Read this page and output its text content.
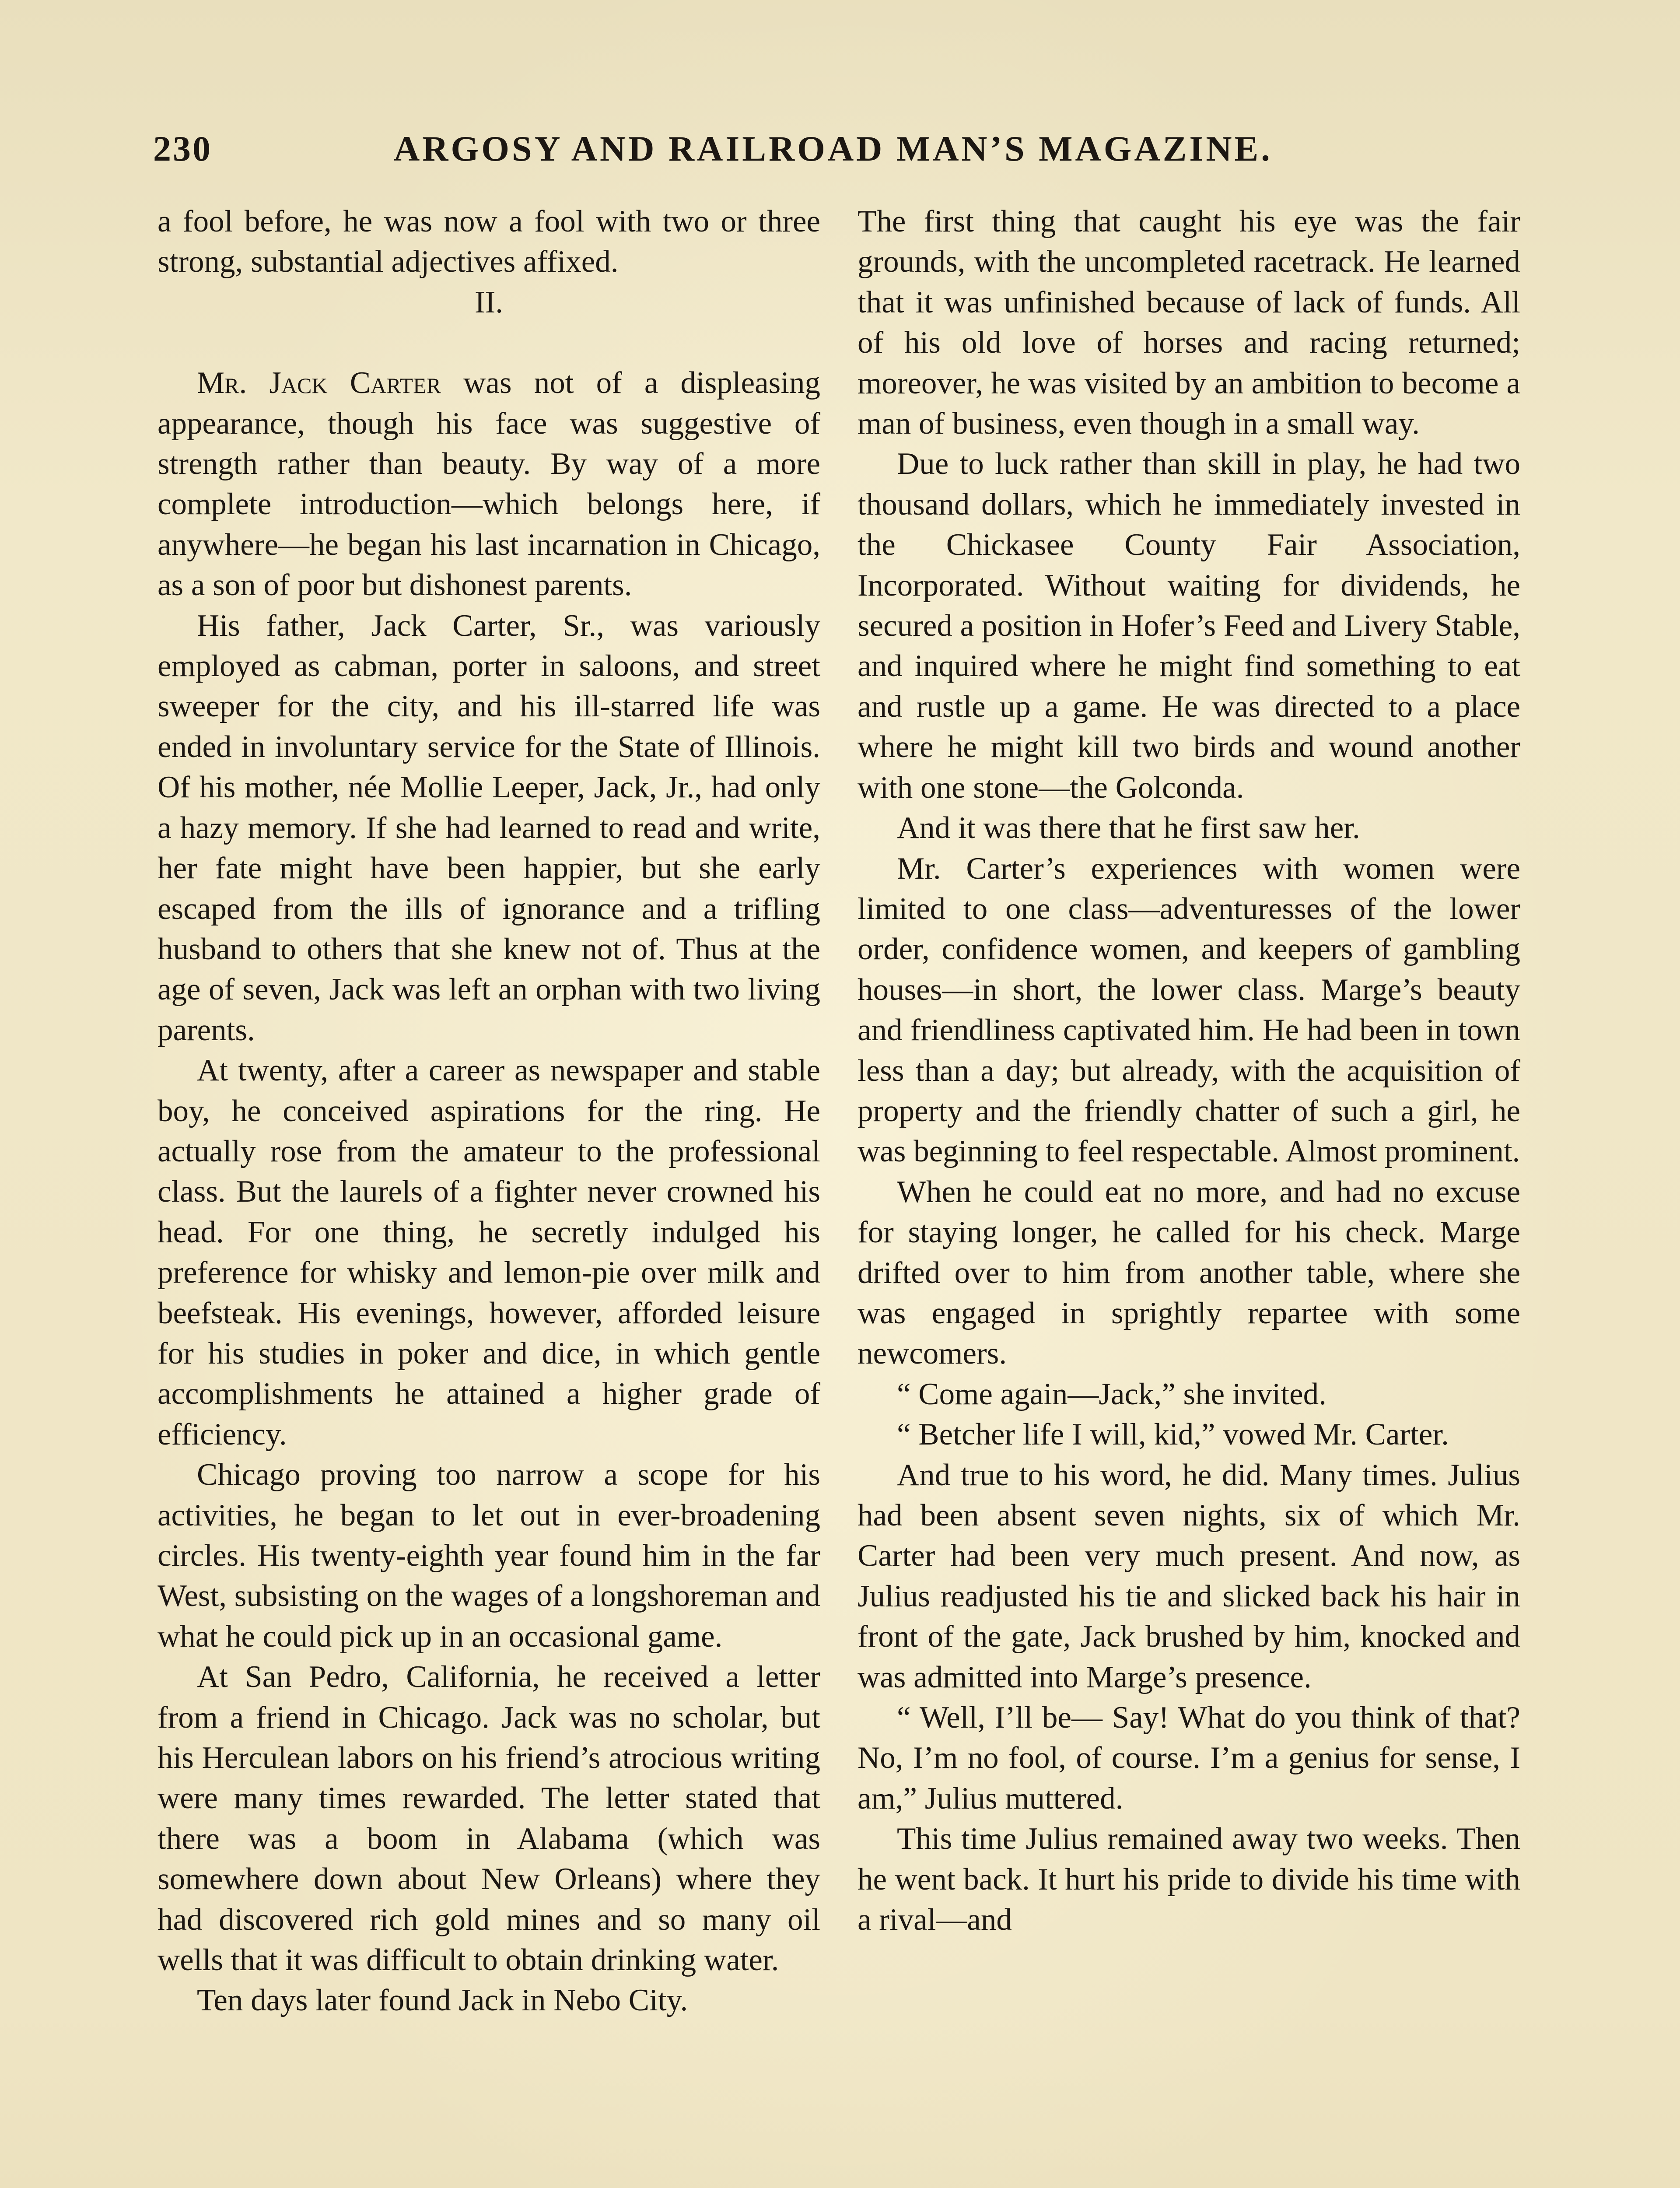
230	ARGOSY AND RAILROAD MAN’S MAGAZINE.

a fool before, he was now a fool with two or three strong, substantial adjectives affixed.

II.

Mr. Jack Carter was not of a displeasing appearance, though his face was suggestive of strength rather than beauty. By way of a more complete introduction—which belongs here, if anywhere—he began his last incarnation in Chicago, as a son of poor but dishonest parents.

His father, Jack Carter, Sr., was variously employed as cabman, porter in saloons, and street sweeper for the city, and his ill-starred life was ended in involuntary service for the State of Illinois. Of his mother, née Mollie Leeper, Jack, Jr., had only a hazy memory. If she had learned to read and write, her fate might have been happier, but she early escaped from the ills of ignorance and a trifling husband to others that she knew not of. Thus at the age of seven, Jack was left an orphan with two living parents.

At twenty, after a career as newspaper and stable boy, he conceived aspirations for the ring. He actually rose from the amateur to the professional class. But the laurels of a fighter never crowned his head. For one thing, he secretly indulged his preference for whisky and lemon-pie over milk and beefsteak. His evenings, however, afforded leisure for his studies in poker and dice, in which gentle accomplishments he attained a higher grade of efficiency.

Chicago proving too narrow a scope for his activities, he began to let out in ever-broadening circles. His twenty-eighth year found him in the far West, subsisting on the wages of a longshoreman and what he could pick up in an occasional game.

At San Pedro, California, he received a letter from a friend in Chicago. Jack was no scholar, but his Herculean labors on his friend’s atrocious writing were many times rewarded. The letter stated that there was a boom in Alabama (which was somewhere down about New Orleans) where they had discovered rich gold mines and so many oil wells that it was difficult to obtain drinking water.

Ten days later found Jack in Nebo City.

The first thing that caught his eye was the fair grounds, with the uncompleted racetrack. He learned that it was unfinished because of lack of funds. All of his old love of horses and racing returned; moreover, he was visited by an ambition to become a man of business, even though in a small way.

Due to luck rather than skill in play, he had two thousand dollars, which he immediately invested in the Chickasee County Fair Association, Incorporated. Without waiting for dividends, he secured a position in Hofer’s Feed and Livery Stable, and inquired where he might find something to eat and rustle up a game. He was directed to a place where he might kill two birds and wound another with one stone—the Golconda.

And it was there that he first saw her.

Mr. Carter’s experiences with women were limited to one class—adventuresses of the lower order, confidence women, and keepers of gambling houses—in short, the lower class. Marge’s beauty and friendliness captivated him. He had been in town less than a day; but already, with the acquisition of property and the friendly chatter of such a girl, he was beginning to feel respectable. Almost prominent.

When he could eat no more, and had no excuse for staying longer, he called for his check. Marge drifted over to him from another table, where she was engaged in sprightly repartee with some newcomers.

“ Come again—Jack,” she invited.

“ Betcher life I will, kid,” vowed Mr. Carter.

And true to his word, he did. Many times. Julius had been absent seven nights, six of which Mr. Carter had been very much present. And now, as Julius readjusted his tie and slicked back his hair in front of the gate, Jack brushed by him, knocked and was admitted into Marge’s presence.

“ Well, I’ll be— Say! What do you think of that? No, I’m no fool, of course. I’m a genius for sense, I am,” Julius muttered.

This time Julius remained away two weeks. Then he went back. It hurt his pride to divide his time with a rival—and
